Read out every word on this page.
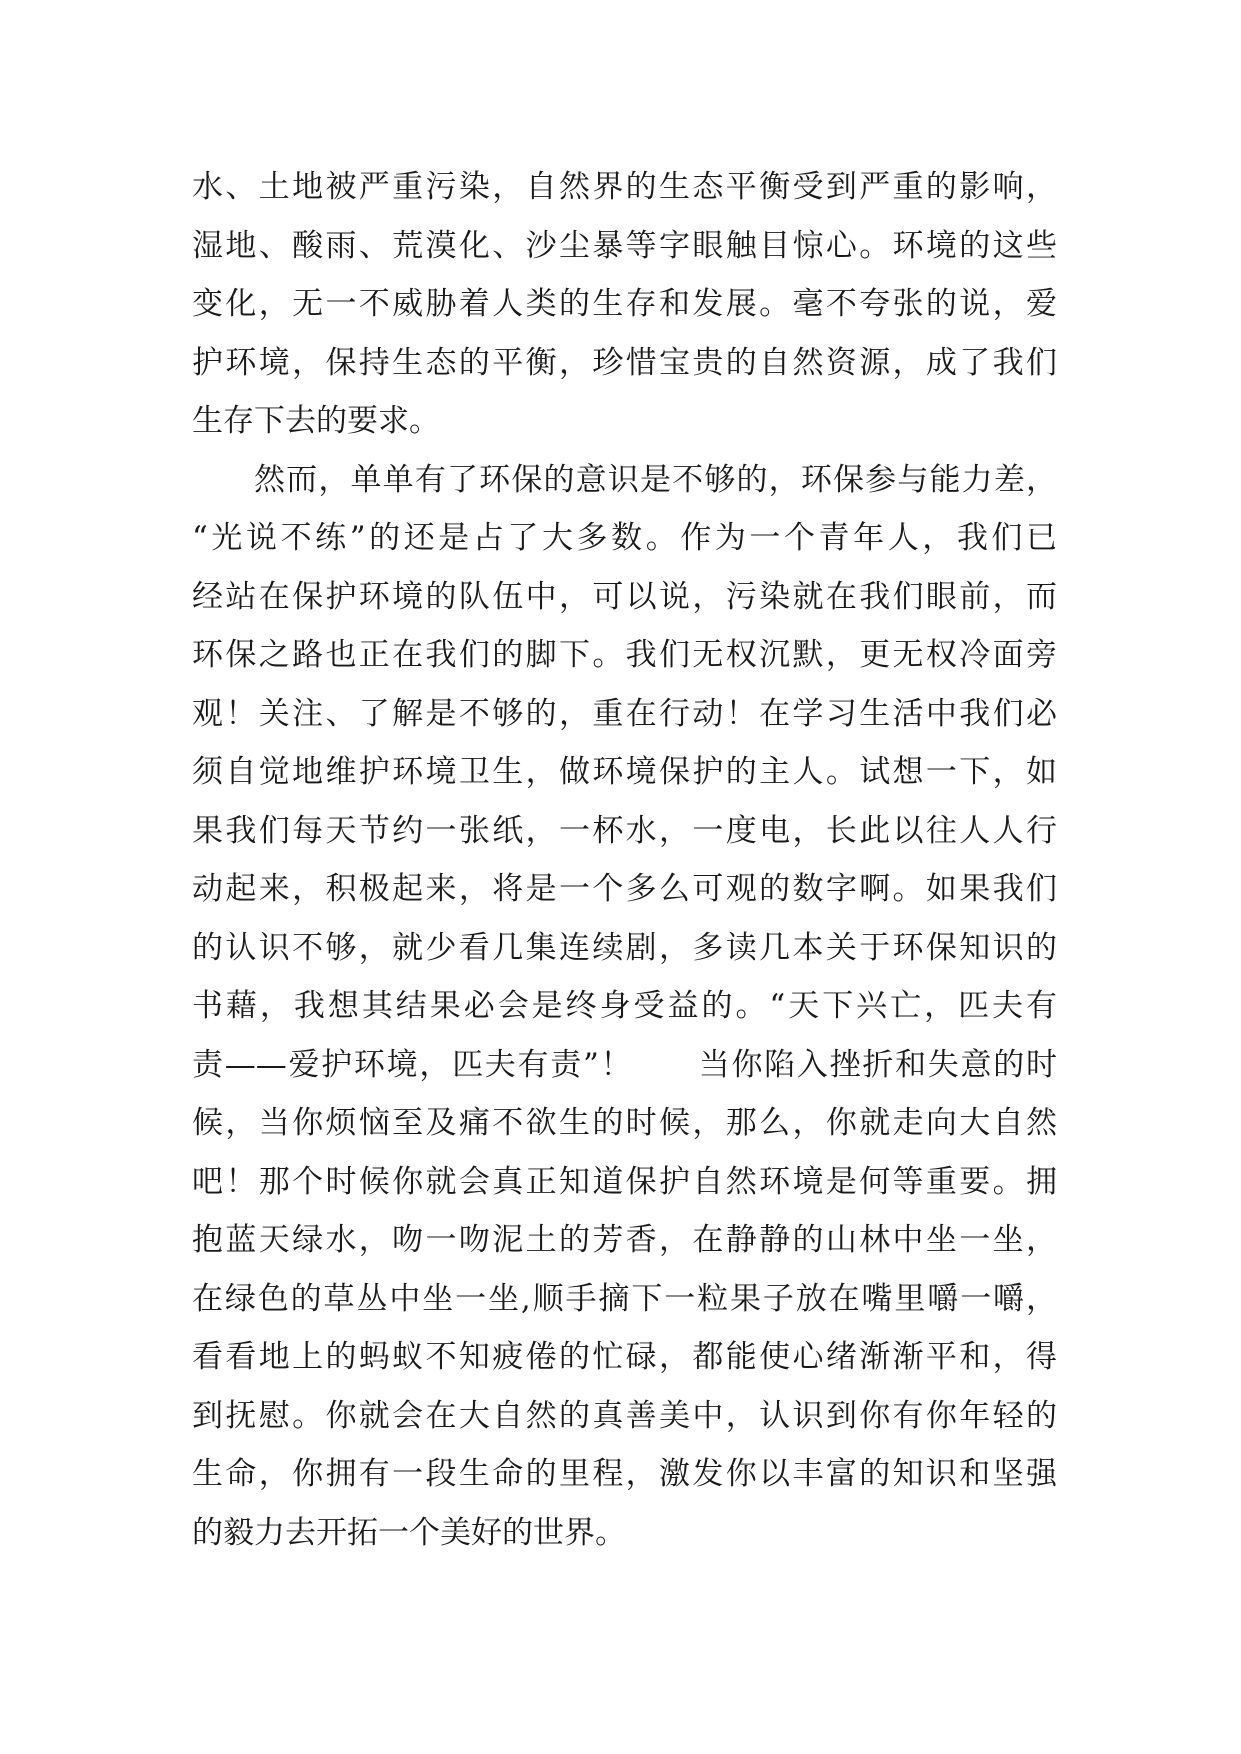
水、土地被严重污染，自然界的生态平衡受到严重的影响，
湿地、酸雨、荒漠化、沙尘暴等字眼触目惊心。环境的这些
变化，无一不威胁着人类的生存和发展。毫不夸张的说，爱
护环境，保持生态的平衡，珍惜宝贵的自然资源，成了我们
生存下去的要求。
然而，单单有了环保的意识是不够的，环保参与能力差，
“光说不练”的还是占了大多数。作为一个青年人，我们已
经站在保护环境的队伍中，可以说，污染就在我们眼前，而
环保之路也正在我们的脚下。我们无权沉默，更无权冷面旁
观！关注、了解是不够的，重在行动！在学习生活中我们必
须自觉地维护环境卫生，做环境保护的主人。试想一下，如
果我们每天节约一张纸，一杯水，一度电，长此以往人人行
动起来，积极起来，将是一个多么可观的数字啊。如果我们
的认识不够，就少看几集连续剧，多读几本关于环保知识的
书藉，我想其结果必会是终身受益的。“天下兴亡，匹夫有
责——爱护环境，匹夫有责”！　　当你陷入挫折和失意的时
候，当你烦恼至及痛不欲生的时候，那么，你就走向大自然
吧！那个时候你就会真正知道保护自然环境是何等重要。拥
抱蓝天绿水，吻一吻泥土的芳香，在静静的山林中坐一坐，
在绿色的草丛中坐一坐,顺手摘下一粒果子放在嘴里嚼一嚼，
看看地上的蚂蚁不知疲倦的忙碌，都能使心绪渐渐平和，得
到抚慰。你就会在大自然的真善美中，认识到你有你年轻的
生命，你拥有一段生命的里程，激发你以丰富的知识和坚强
的毅力去开拓一个美好的世界。
